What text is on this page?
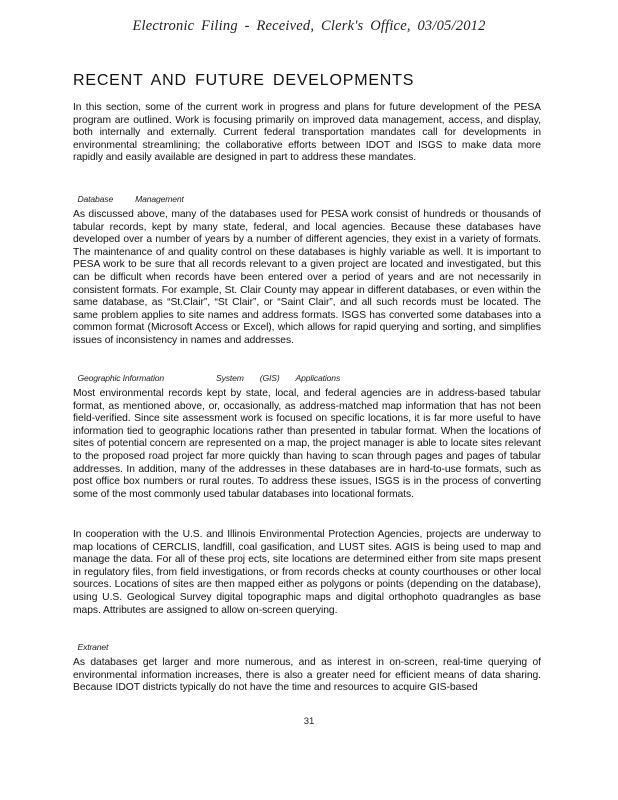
Electronic Filing - Received, Clerk's Office, 03/05/2012
RECENT AND FUTURE DEVELOPMENTS
In this section, some of the current work in progress and plans for future development of the PESA program are outlined. Work is focusing primarily on improved data management, access, and display, both internally and externally. Current federal transportation mandates call for developments in environmental streamlining; the collaborative efforts between IDOT and ISGS to make data more rapidly and easily available are designed in part to address these mandates.

Database	Management

As discussed above, many of the databases used for PESA work consist of hundreds or thousands of tabular records, kept by many state, federal, and local agencies. Because these databases have developed over a number of years by a number of different agencies, they exist in a variety of formats. The maintenance of and quality control on these databases is highly variable as well. It is important to PESA work to be sure that all records relevant to a given project are located and investigated, but this can be difficult when records have been entered over a period of years and are not necessarily in consistent formats. For example, St. Clair County may appear in different databases, or even within the same database, as “St.Clair”, “St Clair”, or “Saint Clair”, and all such records must be located. The same problem applies to site names and address formats. ISGS has converted some databases into a common format (Microsoft Access or Excel), which allows for rapid querying and sorting, and simplifies issues of inconsistency in names and addresses.

Geographic Information	System (GIS) Applications

Most environmental records kept by state, local, and federal agencies are in address-based tabular format, as mentioned above, or, occasionally, as address-matched map information that has not been field-verified. Since site assessment work is focused on specific locations, it is far more useful to have information tied to geographic locations rather than presented in tabular format. When the locations of sites of potential concern are represented on a map, the project manager is able to locate sites relevant to the proposed road project far more quickly than having to scan through pages and pages of tabular addresses. In addition, many of the addresses in these databases are in hard-to-use formats, such as post office box numbers or rural routes. To address these issues, ISGS is in the process of converting some of the most commonly used tabular databases into locational formats.
In cooperation with the U.S. and Illinois Environmental Protection Agencies, projects are underway to map locations of CERCLIS, landfill, coal gasification, and LUST sites. AGIS is being used to map and manage the data. For all of these proj ects, site locations are determined either from site maps present in regulatory files, from field investigations, or from records checks at county courthouses or other local sources. Locations of sites are then mapped either as polygons or points (depending on the database), using U.S. Geological Survey digital topographic maps and digital orthophoto quadrangles as base maps. Attributes are assigned to allow on-screen querying.

Extranet

As databases get larger and more numerous, and as interest in on-screen, real-time querying of environmental information increases, there is also a greater need for efficient means of data sharing. Because IDOT districts typically do not have the time and resources to acquire GIS-based
31
